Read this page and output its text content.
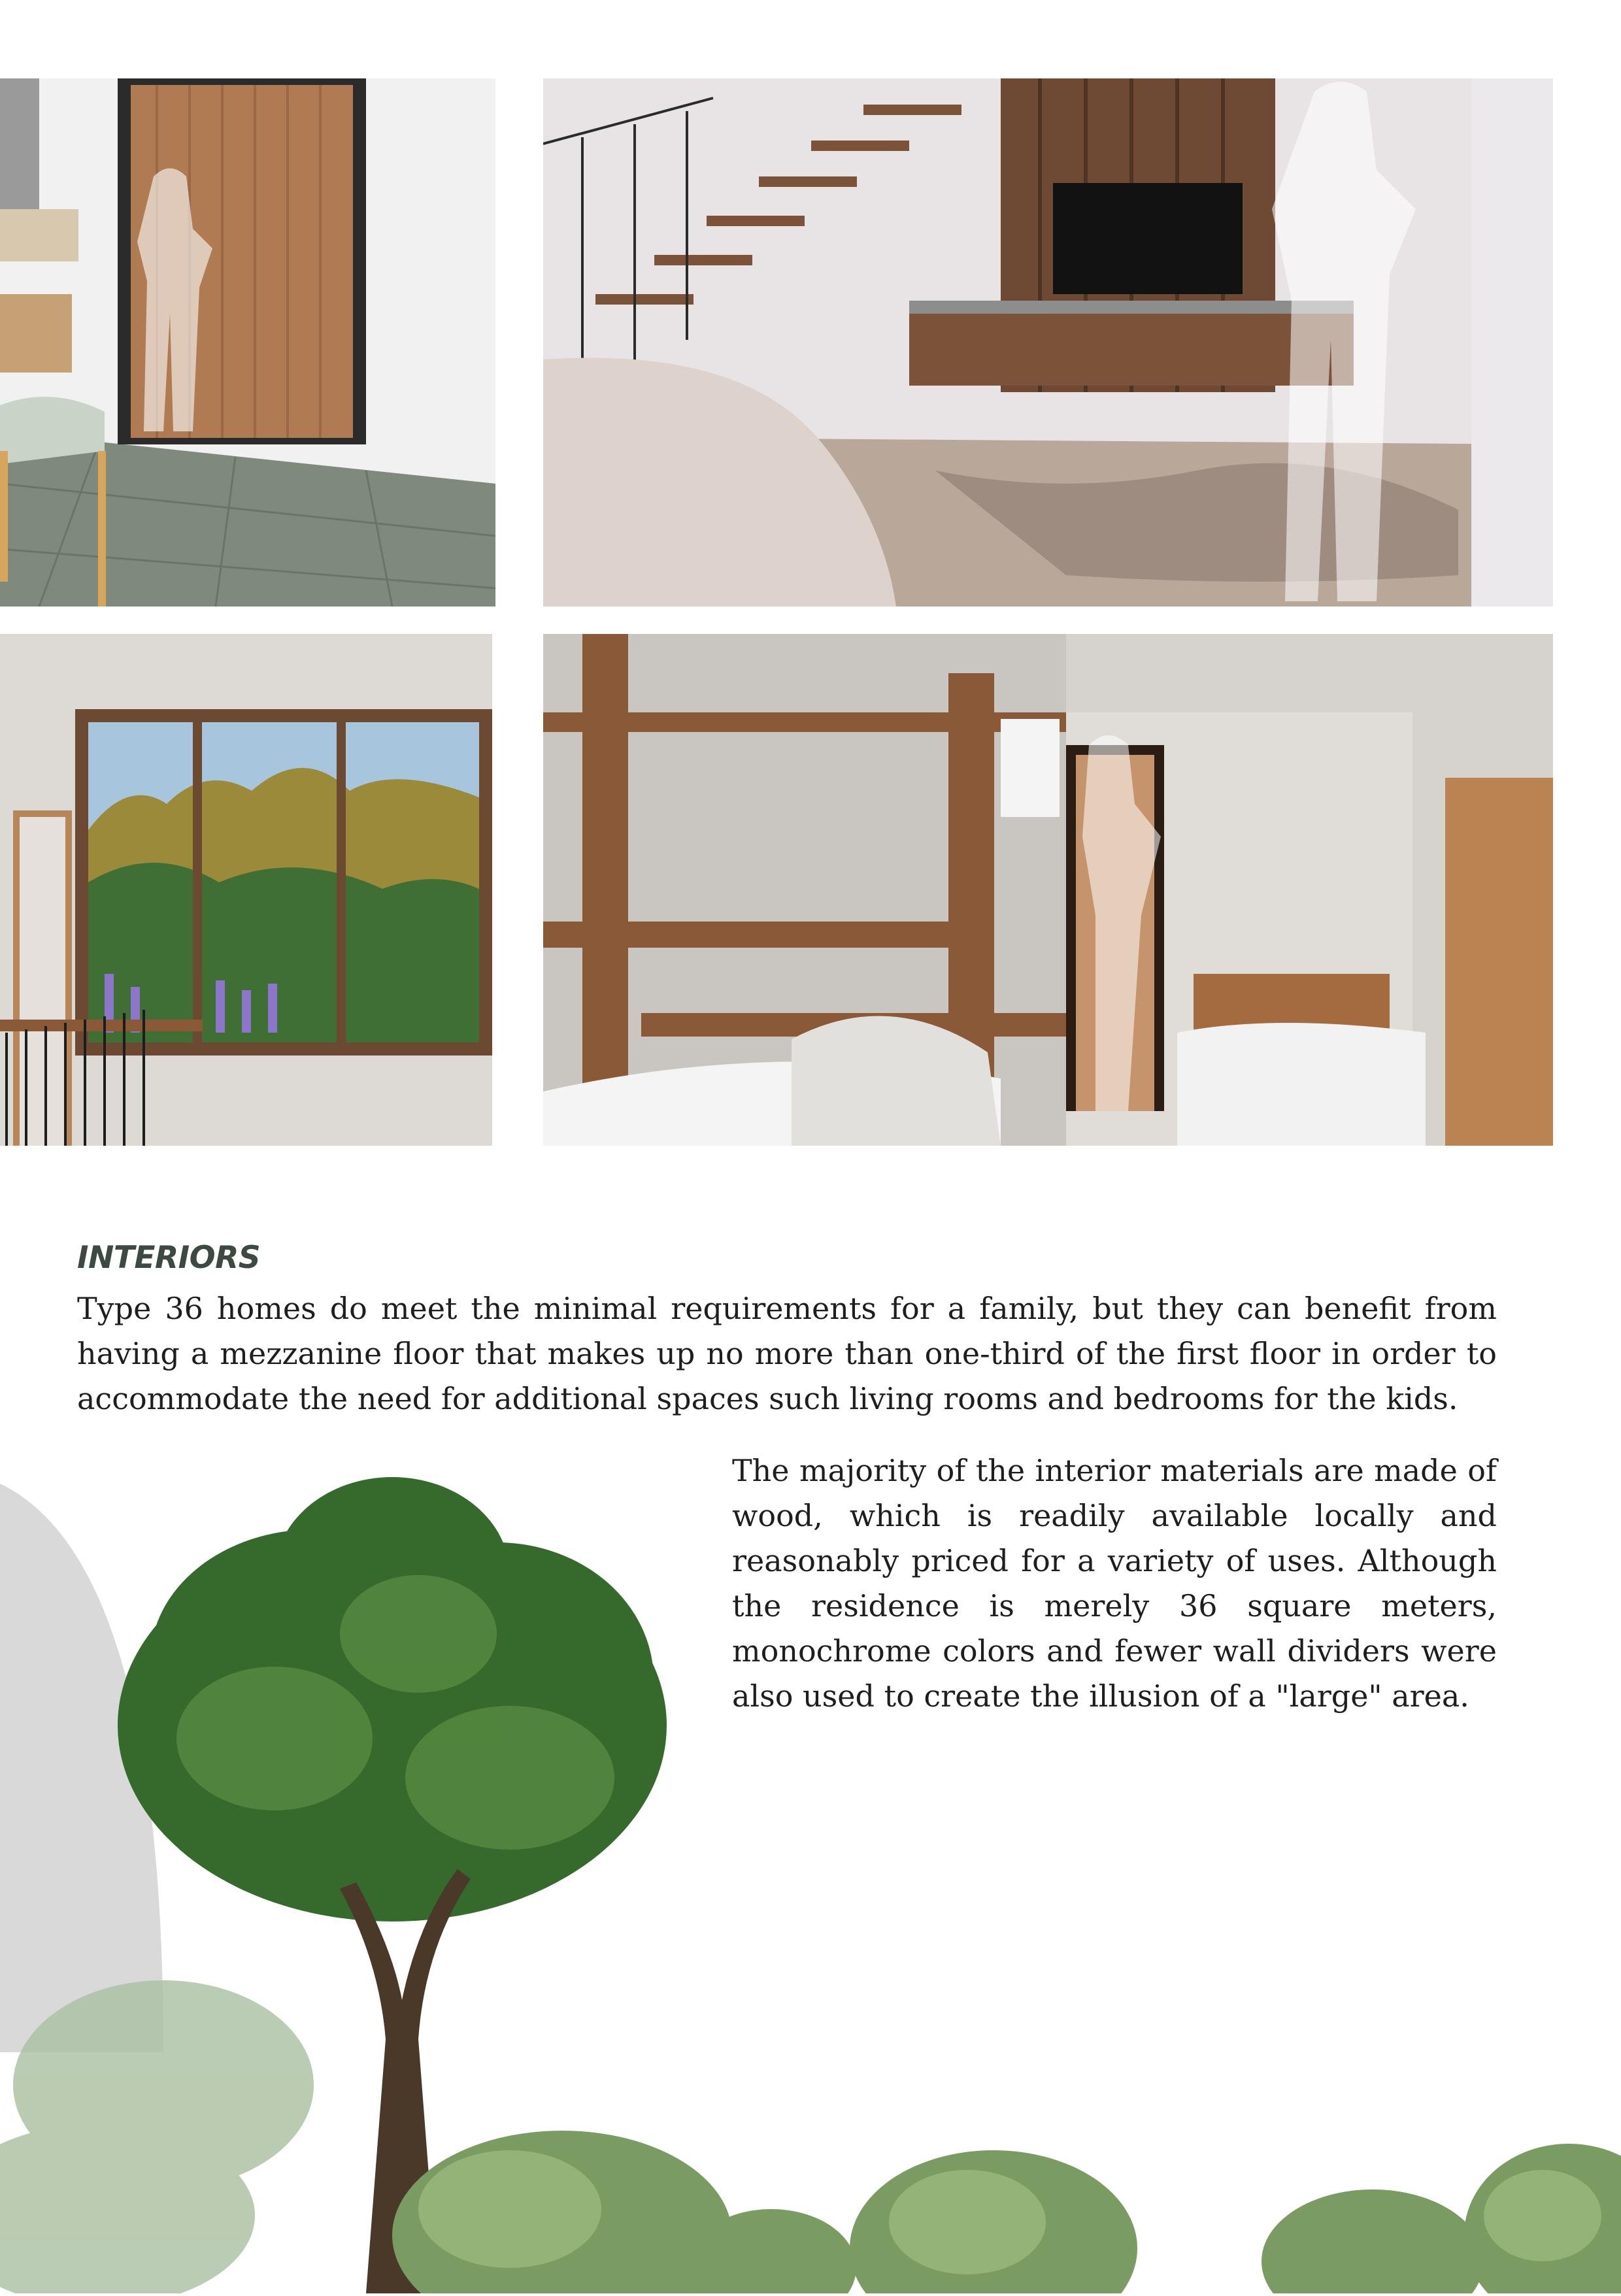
INTERIORS

Type 36 homes do meet the minimal requirements for a family, but they can benefit from having a mezzanine floor that makes up no more than one-third of the first floor in order to accommodate the need for additional spaces such living rooms and bedrooms for the kids.

The majority of the interior materials are made of wood, which is readily available locally and reasonably priced for a variety of uses. Although the residence is merely 36 square meters, monochrome colors and fewer wall dividers were also used to create the illusion of a "large" area.
